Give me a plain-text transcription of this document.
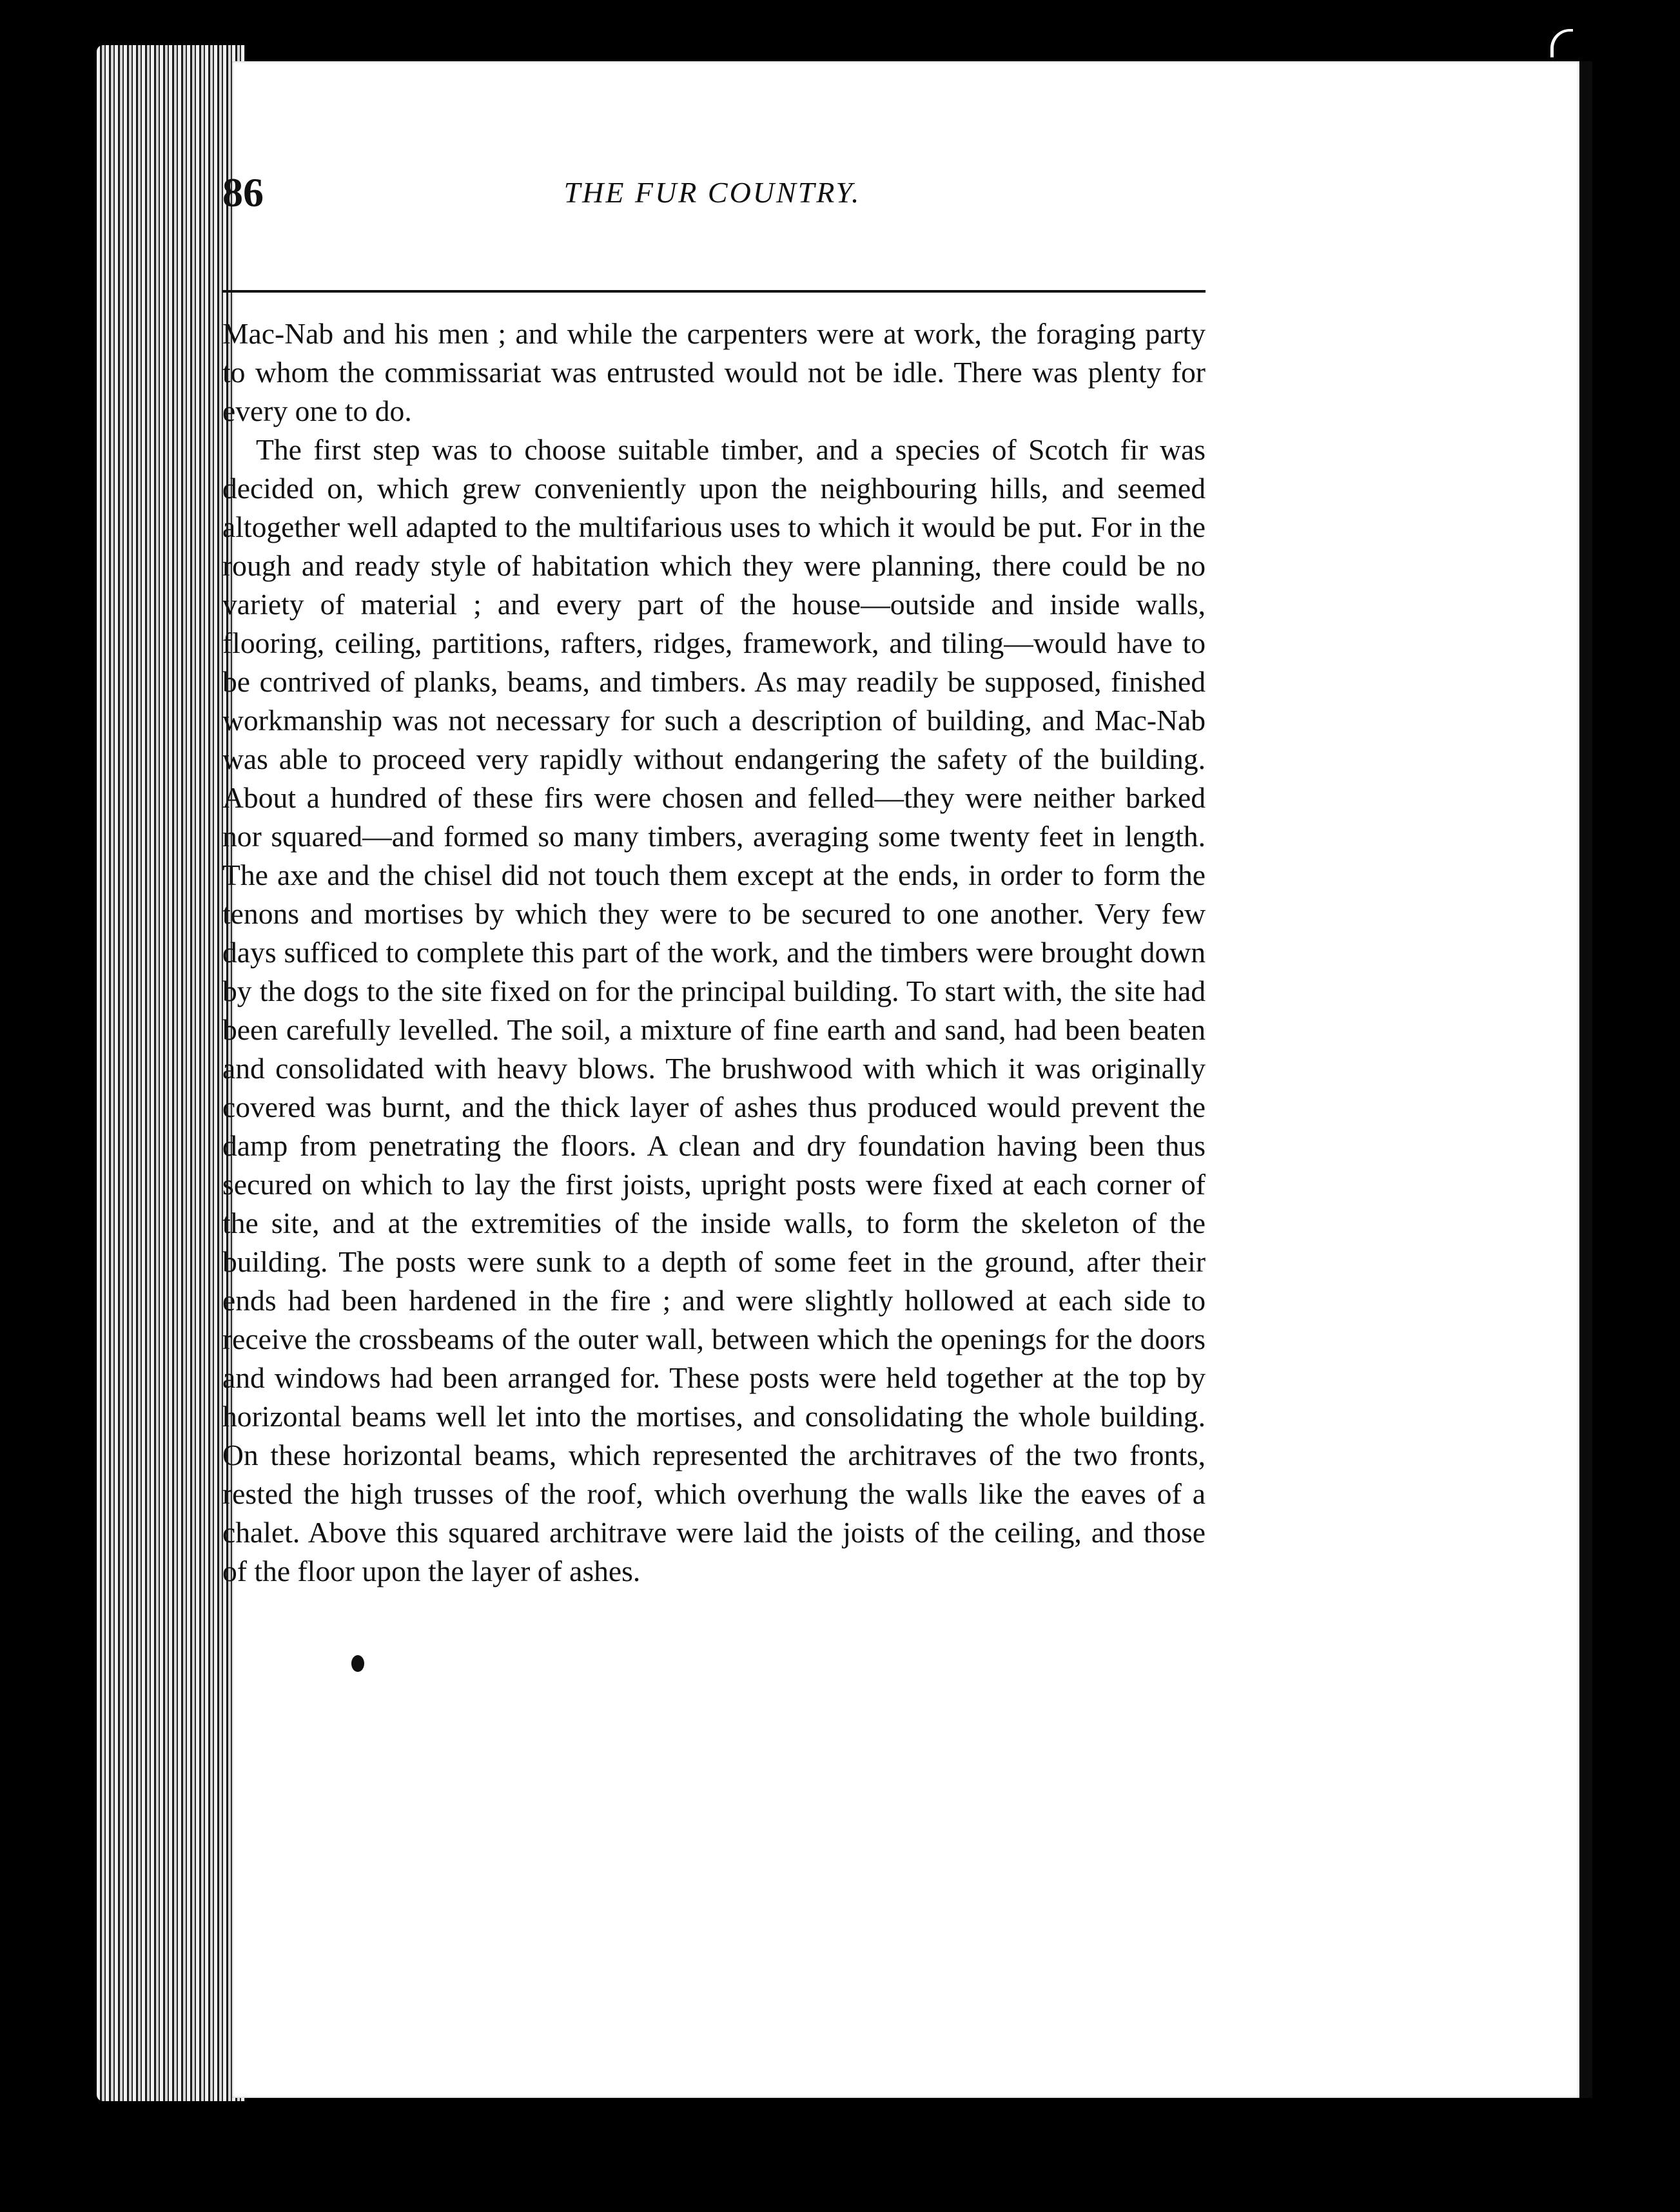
86	THE FUR COUNTRY.

Mac-Nab and his men ; and while the carpenters were at work, the foraging party to whom the commissariat was entrusted would not be idle. There was plenty for every one to do.

The first step was to choose suitable timber, and a species of Scotch fir was decided on, which grew conveniently upon the neighbouring hills, and seemed altogether well adapted to the multifarious uses to which it would be put. For in the rough and ready style of habitation which they were planning, there could be no variety of material ; and every part of the house—outside and inside walls, flooring, ceiling, partitions, rafters, ridges, framework, and tiling—would have to be contrived of planks, beams, and timbers. As may readily be supposed, finished workmanship was not necessary for such a description of building, and Mac-Nab was able to proceed very rapidly without endangering the safety of the building. About a hundred of these firs were chosen and felled—they were neither barked nor squared—and formed so many timbers, averaging some twenty feet in length. The axe and the chisel did not touch them except at the ends, in order to form the tenons and mortises by which they were to be secured to one another. Very few days sufficed to complete this part of the work, and the timbers were brought down by the dogs to the site fixed on for the principal building. To start with, the site had been carefully levelled. The soil, a mixture of fine earth and sand, had been beaten and consolidated with heavy blows. The brushwood with which it was originally covered was burnt, and the thick layer of ashes thus produced would prevent the damp from penetrating the floors. A clean and dry foundation having been thus secured on which to lay the first joists, upright posts were fixed at each corner of the site, and at the extremities of the inside walls, to form the skeleton of the building. The posts were sunk to a depth of some feet in the ground, after their ends had been hardened in the fire ; and were slightly hollowed at each side to receive the crossbeams of the outer wall, between which the openings for the doors and windows had been arranged for. These posts were held together at the top by horizontal beams well let into the mortises, and consolidating the whole building. On these horizontal beams, which represented the architraves of the two fronts, rested the high trusses of the roof, which overhung the walls like the eaves of a chalet. Above this squared architrave were laid the joists of the ceiling, and those of the floor upon the layer of ashes.
